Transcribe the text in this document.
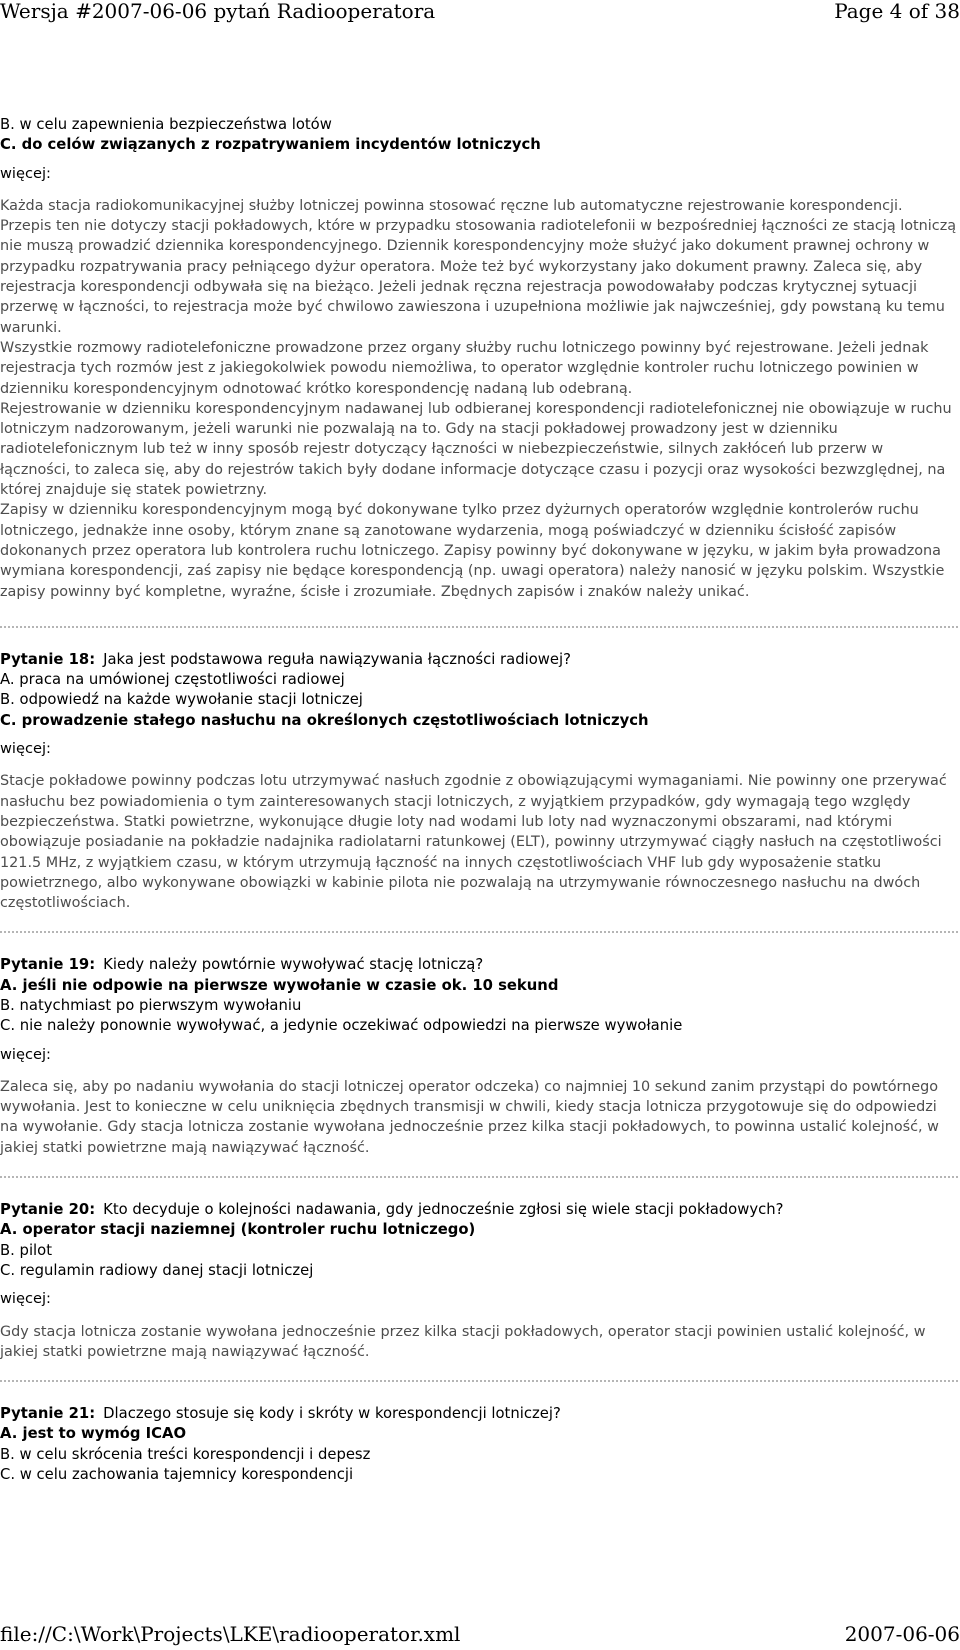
Wersja #2007-06-06 pytań Radiooperatora	Page 4 of 38
B. w celu zapewnienia bezpieczeństwa lotów
C. do celów związanych z rozpatrywaniem incydentów lotniczych
więcej:

Każda stacja radiokomunikacyjnej służby lotniczej powinna stosować ręczne lub automatyczne rejestrowanie korespondencji. Przepis ten nie dotyczy stacji pokładowych, które w przypadku stosowania radiotelefonii w bezpośredniej łączności ze stacją lotniczą nie muszą prowadzić dziennika korespondencyjnego. Dziennik korespondencyjny może służyć jako dokument prawnej ochrony w przypadku rozpatrywania pracy pełniącego dyżur operatora. Może też być wykorzystany jako dokument prawny. Zaleca się, aby rejestracja korespondencji odbywała się na bieżąco. Jeżeli jednak ręczna rejestracja powodowałaby podczas krytycznej sytuacji przerwę w łączności, to rejestracja może być chwilowo zawieszona i uzupełniona możliwie jak najwcześniej, gdy powstaną ku temu warunki.

Wszystkie rozmowy radiotelefoniczne prowadzone przez organy służby ruchu lotniczego powinny być rejestrowane. Jeżeli jednak rejestracja tych rozmów jest z jakiegokolwiek powodu niemożliwa, to operator względnie kontroler ruchu lotniczego powinien w dzienniku korespondencyjnym odnotować krótko korespondencję nadaną lub odebraną.

Rejestrowanie w dzienniku korespondencyjnym nadawanej lub odbieranej korespondencji radiotelefonicznej nie obowiązuje w ruchu lotniczym nadzorowanym, jeżeli warunki nie pozwalają na to. Gdy na stacji pokładowej prowadzony jest w dzienniku radiotelefonicznym lub też w inny sposób rejestr dotyczący łączności w niebezpieczeństwie, silnych zakłóceń lub przerw w łączności, to zaleca się, aby do rejestrów takich były dodane informacje dotyczące czasu i pozycji oraz wysokości bezwzględnej, na której znajduje się statek powietrzny.

Zapisy w dzienniku korespondencyjnym mogą być dokonywane tylko przez dyżurnych operatorów względnie kontrolerów ruchu lotniczego, jednakże inne osoby, którym znane są zanotowane wydarzenia, mogą poświadczyć w dzienniku ścisłość zapisów dokonanych przez operatora lub kontrolera ruchu lotniczego. Zapisy powinny być dokonywane w języku, w jakim była prowadzona wymiana korespondencji, zaś zapisy nie będące korespondencją (np. uwagi operatora) należy nanosić w języku polskim. Wszystkie zapisy powinny być kompletne, wyraźne, ścisłe i zrozumiałe. Zbędnych zapisów i znaków należy unikać.

Pytanie 18: Jaka jest podstawowa reguła nawiązywania łączności radiowej?
A. praca na umówionej częstotliwości radiowej
B. odpowiedź na każde wywołanie stacji lotniczej
C. prowadzenie stałego nasłuchu na określonych częstotliwościach lotniczych
więcej:

Stacje pokładowe powinny podczas lotu utrzymywać nasłuch zgodnie z obowiązującymi wymaganiami. Nie powinny one przerywać nasłuchu bez powiadomienia o tym zainteresowanych stacji lotniczych, z wyjątkiem przypadków, gdy wymagają tego względy bezpieczeństwa. Statki powietrzne, wykonujące długie loty nad wodami lub loty nad wyznaczonymi obszarami, nad którymi obowiązuje posiadanie na pokładzie nadajnika radiolatarni ratunkowej (ELT), powinny utrzymywać ciągły nasłuch na częstotliwości 121.5 MHz, z wyjątkiem czasu, w którym utrzymują łączność na innych częstotliwościach VHF lub gdy wyposażenie statku powietrznego, albo wykonywane obowiązki w kabinie pilota nie pozwalają na utrzymywanie równoczesnego nasłuchu na dwóch częstotliwościach.

Pytanie 19: Kiedy należy powtórnie wywoływać stację lotniczą?
A. jeśli nie odpowie na pierwsze wywołanie w czasie ok. 10 sekund
B. natychmiast po pierwszym wywołaniu
C. nie należy ponownie wywoływać, a jedynie oczekiwać odpowiedzi na pierwsze wywołanie
więcej:

Zaleca się, aby po nadaniu wywołania do stacji lotniczej operator odczeka) co najmniej 10 sekund zanim przystąpi do powtórnego wywołania. Jest to konieczne w celu uniknięcia zbędnych transmisji w chwili, kiedy stacja lotnicza przygotowuje się do odpowiedzi na wywołanie. Gdy stacja lotnicza zostanie wywołana jednocześnie przez kilka stacji pokładowych, to powinna ustalić kolejność, w jakiej statki powietrzne mają nawiązywać łączność.

Pytanie 20: Kto decyduje o kolejności nadawania, gdy jednocześnie zgłosi się wiele stacji pokładowych?
A. operator stacji naziemnej (kontroler ruchu lotniczego)
B. pilot
C. regulamin radiowy danej stacji lotniczej
więcej:

Gdy stacja lotnicza zostanie wywołana jednocześnie przez kilka stacji pokładowych, operator stacji powinien ustalić kolejność, w jakiej statki powietrzne mają nawiązywać łączność.

Pytanie 21: Dlaczego stosuje się kody i skróty w korespondencji lotniczej?
A. jest to wymóg ICAO
B. w celu skrócenia treści korespondencji i depesz
C. w celu zachowania tajemnicy korespondencji
file://C:\Work\Projects\LKE\radiooperator.xml	2007-06-06
